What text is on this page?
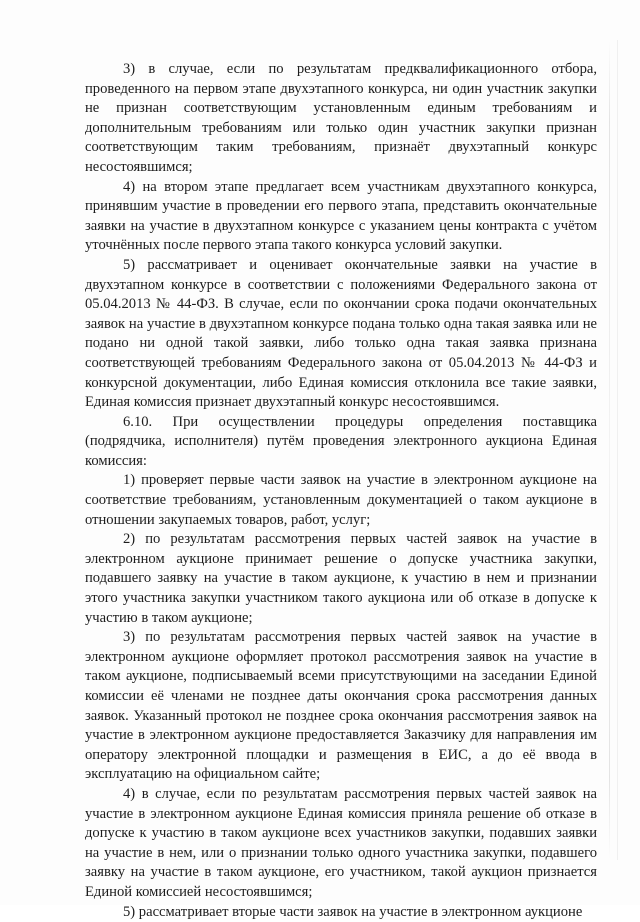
3) в случае, если по результатам предквалификационного отбора, проведенного на первом этапе двухэтапного конкурса, ни один участник закупки не признан соответствующим установленным единым требованиям и дополнительным требованиям или только один участник закупки признан соответствующим таким требованиям, признаёт двухэтапный конкурс несостоявшимся;

4) на втором этапе предлагает всем участникам двухэтапного конкурса, принявшим участие в проведении его первого этапа, представить окончательные заявки на участие в двухэтапном конкурсе с указанием цены контракта с учётом уточнённых после первого этапа такого конкурса условий закупки.

5) рассматривает и оценивает окончательные заявки на участие в двухэтапном конкурсе в соответствии с положениями Федерального закона от 05.04.2013 № 44-ФЗ. В случае, если по окончании срока подачи окончательных заявок на участие в двухэтапном конкурсе подана только одна такая заявка или не подано ни одной такой заявки, либо только одна такая заявка признана соответствующей требованиям Федерального закона от 05.04.2013 № 44-ФЗ и конкурсной документации, либо Единая комиссия отклонила все такие заявки, Единая комиссия признает двухэтапный конкурс несостоявшимся.

6.10. При осуществлении процедуры определения поставщика (подрядчика, исполнителя) путём проведения электронного аукциона Единая комиссия:

1) проверяет первые части заявок на участие в электронном аукционе на соответствие требованиям, установленным документацией о таком аукционе в отношении закупаемых товаров, работ, услуг;

2) по результатам рассмотрения первых частей заявок на участие в электронном аукционе принимает решение о допуске участника закупки, подавшего заявку на участие в таком аукционе, к участию в нем и признании этого участника закупки участником такого аукциона или об отказе в допуске к участию в таком аукционе;

3) по результатам рассмотрения первых частей заявок на участие в электронном аукционе оформляет протокол рассмотрения заявок на участие в таком аукционе, подписываемый всеми присутствующими на заседании Единой комиссии её членами не позднее даты окончания срока рассмотрения данных заявок. Указанный протокол не позднее срока окончания рассмотрения заявок на участие в электронном аукционе предоставляется Заказчику для направления им оператору электронной площадки и размещения в ЕИС, а до её ввода в эксплуатацию на официальном сайте;

4) в случае, если по результатам рассмотрения первых частей заявок на участие в электронном аукционе Единая комиссия приняла решение об отказе в допуске к участию в таком аукционе всех участников закупки, подавших заявки на участие в нем, или о признании только одного участника закупки, подавшего заявку на участие в таком аукционе, его участником, такой аукцион признается Единой комиссией несостоявшимся;

5) рассматривает вторые части заявок на участие в электронном аукционе
